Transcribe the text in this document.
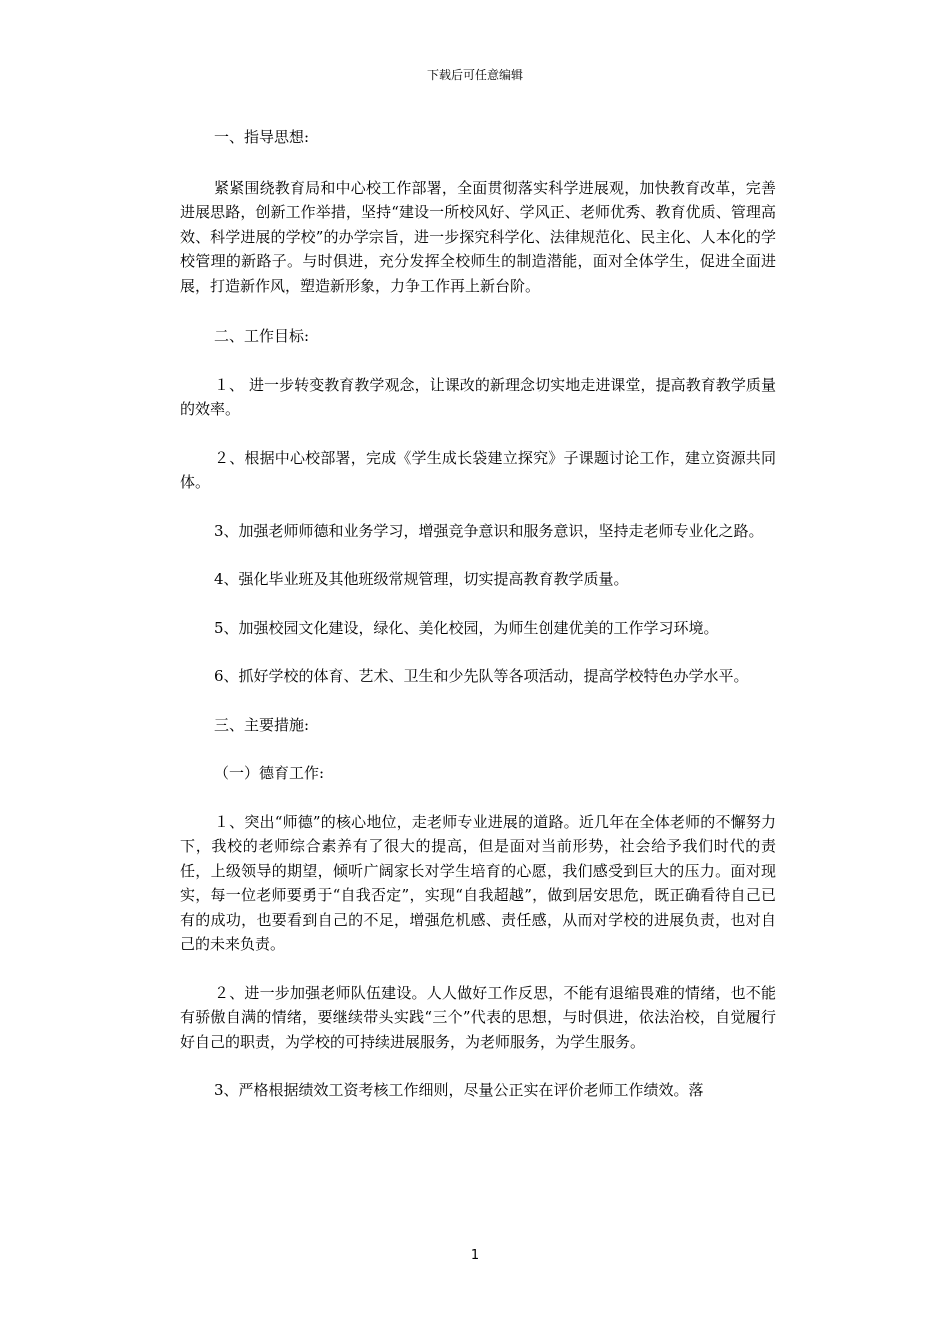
下载后可任意编辑

一、指导思想:

紧紧围绕教育局和中心校工作部署，全面贯彻落实科学进展观，加快教育改革，完善进展思路，创新工作举措，坚持“建设一所校风好、学风正、老师优秀、教育优质、管理高效、科学进展的学校”的办学宗旨，进一步探究科学化、法律规范化、民主化、人本化的学校管理的新路子。与时俱进，充分发挥全校师生的制造潜能，面对全体学生，促进全面进展，打造新作风，塑造新形象，力争工作再上新台阶。

二、工作目标:

１、 进一步转变教育教学观念，让课改的新理念切实地走进课堂，提高教育教学质量的效率。

２、根据中心校部署，完成《学生成长袋建立探究》子课题讨论工作，建立资源共同体。

3、加强老师师德和业务学习，增强竞争意识和服务意识，坚持走老师专业化之路。

4、强化毕业班及其他班级常规管理，切实提高教育教学质量。

5、加强校园文化建设，绿化、美化校园，为师生创建优美的工作学习环境。

6、抓好学校的体育、艺术、卫生和少先队等各项活动，提高学校特色办学水平。

三、主要措施:

（一）德育工作:

１、突出“师德”的核心地位，走老师专业进展的道路。近几年在全体老师的不懈努力下，我校的老师综合素养有了很大的提高，但是面对当前形势，社会给予我们时代的责任，上级领导的期望，倾听广阔家长对学生培育的心愿，我们感受到巨大的压力。面对现实，每一位老师要勇于“自我否定”，实现“自我超越”，做到居安思危，既正确看待自己已有的成功，也要看到自己的不足，增强危机感、责任感，从而对学校的进展负责，也对自己的未来负责。

２、进一步加强老师队伍建设。人人做好工作反思，不能有退缩畏难的情绪，也不能有骄傲自满的情绪，要继续带头实践“三个”代表的思想，与时俱进，依法治校，自觉履行好自己的职责，为学校的可持续进展服务，为老师服务，为学生服务。

3、严格根据绩效工资考核工作细则，尽量公正实在评价老师工作绩效。落

1
